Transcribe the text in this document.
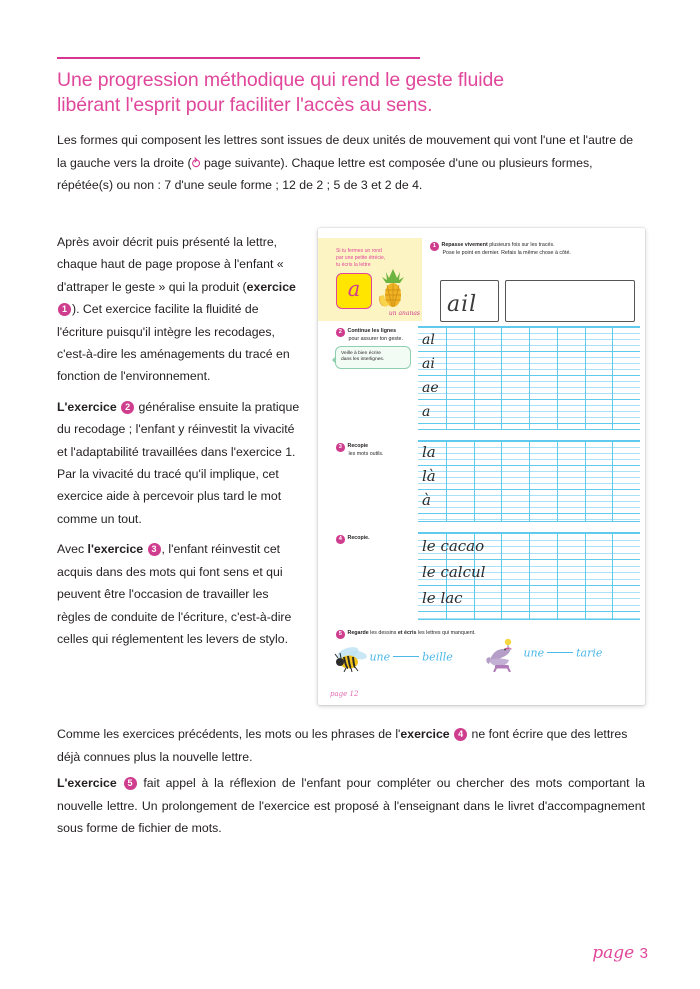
Une progression méthodique qui rend le geste fluide
libérant l'esprit pour faciliter l'accès au sens.
Les formes qui composent les lettres sont issues de deux unités de mouvement qui vont l'une et l'autre de la gauche vers la droite (⥁ page suivante). Chaque lettre est composée d'une ou plusieurs formes, répétée(s) ou non : 7 d'une seule forme ; 12 de 2 ; 5 de 3 et 2 de 4.

Après avoir décrit puis présenté la lettre, chaque haut de page propose à l'enfant « d'attraper le geste » qui la produit (exercice 1 ). Cet exercice facilite la fluidité de l'écriture puisqu'il intègre les recodages, c'est-à-dire les aménagements du tracé en fonction de l'environnement.

L'exercice 2 généralise ensuite la pratique du recodage ; l'enfant y réinvestit la vivacité et l'adaptabilité travaillées dans l'exercice 1. Par la vivacité du tracé qu'il implique, cet exercice aide à percevoir plus tard le mot comme un tout.

Avec l'exercice 3 , l'enfant réinvestit cet acquis dans des mots qui font sens et qui peuvent être l'occasion de travailler les règles de conduite de l'écriture, c'est-à-dire celles qui réglementent les levers de stylo.

Comme les exercices précédents, les mots ou les phrases de l'exercice 4 ne font écrire que des lettres déjà connues plus la nouvelle lettre.

L'exercice 5 fait appel à la réflexion de l'enfant pour compléter ou chercher des mots comportant la nouvelle lettre. Un prolongement de l'exercice est proposé à l'enseignant dans le livret d'accompagnement sous forme de fichier de mots.

Si tu fermes un rond
par une petite étrécie,
tu écris la lettre
a
un ananas
1	Repasse vivement plusieurs fois sur les tracés.
Pose le point en dernier. Refais la même chose à côté.
ail
2	Continue les lignes
pour assurer ton geste.
Veille à bien écrire
dans les interlignes.
al
ai
ae
a
3	Recopie
les mots outils.	la
là
à
4	Recopie.	le cacao
le calcul
le lac
5	Regarde les dessins et écris les lettres qui manquent.
une	beille	une	tarie
page 12
page 3
